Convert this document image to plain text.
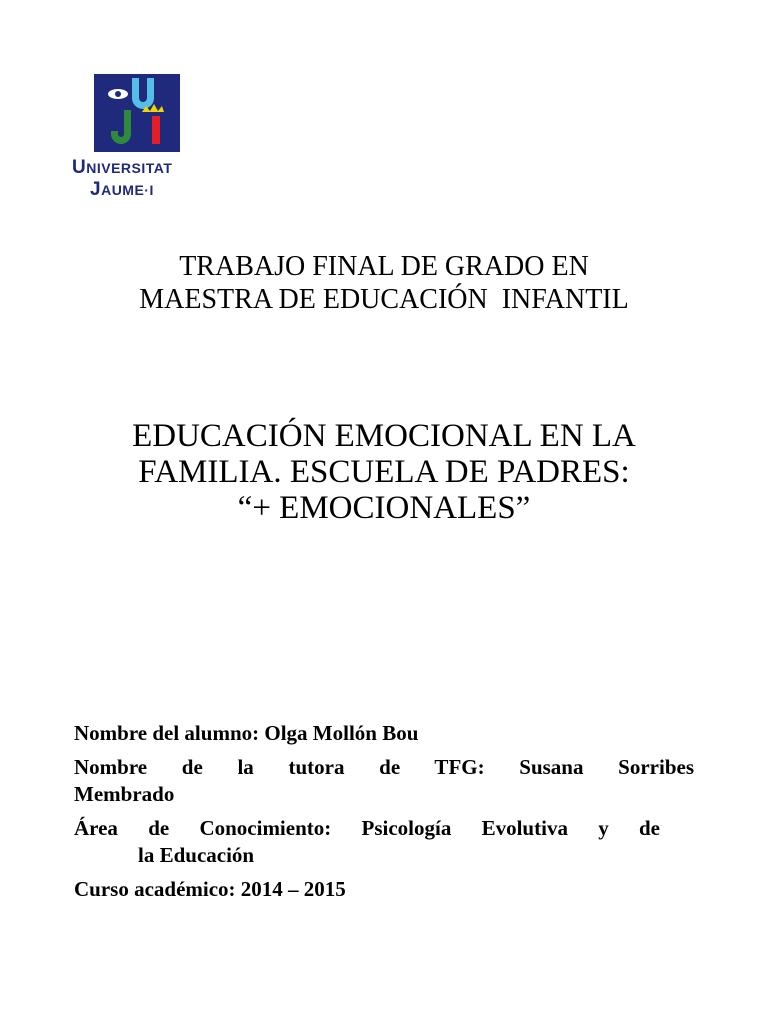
UNIVERSITAT
JAUME·I
TRABAJO FINAL DE GRADO EN
MAESTRA DE EDUCACIÓN  INFANTIL
EDUCACIÓN EMOCIONAL EN LA
FAMILIA. ESCUELA DE PADRES:
“+ EMOCIONALES”

Nombre del alumno: Olga Mollón Bou

Nombre de la tutora de TFG: Susana Sorribes
Membrado

Área de Conocimiento: Psicología Evolutiva y de
la Educación

Curso académico: 2014 – 2015
